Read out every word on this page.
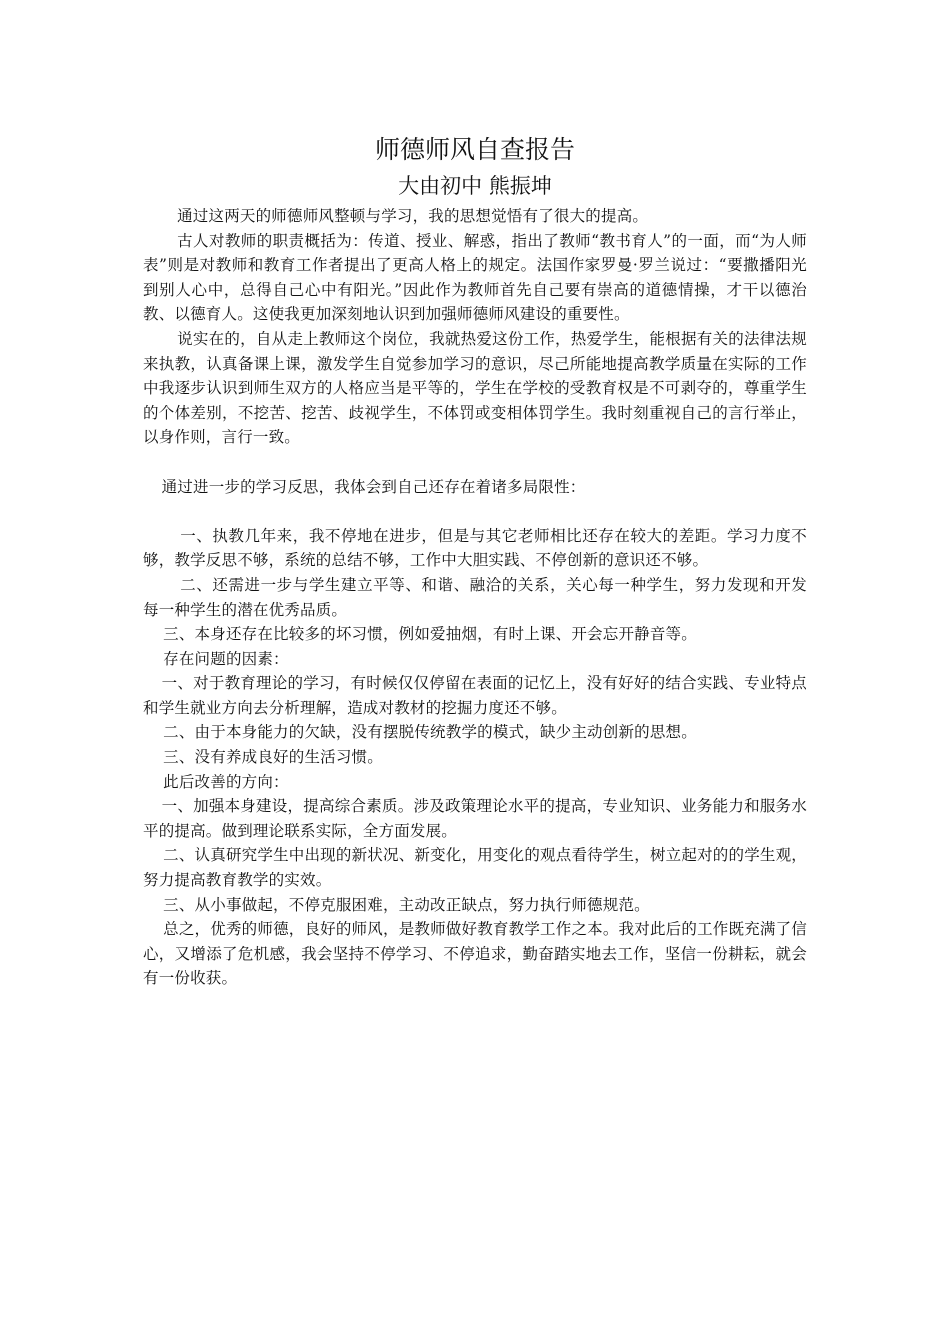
师德师风自查报告
大由初中 熊振坤

通过这两天的师德师风整顿与学习，我的思想觉悟有了很大的提高。

古人对教师的职责概括为：传道、授业、解惑，指出了教师“教书育人”的一面，而“为人师表”则是对教师和教育工作者提出了更高人格上的规定。法国作家罗曼·罗兰说过：“要撒播阳光到别人心中，总得自己心中有阳光。”因此作为教师首先自己要有崇高的道德情操，才干以德治教、以德育人。这使我更加深刻地认识到加强师德师风建设的重要性。

说实在的，自从走上教师这个岗位，我就热爱这份工作，热爱学生，能根据有关的法律法规来执教，认真备课上课，激发学生自觉参加学习的意识，尽己所能地提高教学质量在实际的工作中我逐步认识到师生双方的人格应当是平等的，学生在学校的受教育权是不可剥夺的，尊重学生的个体差别，不挖苦、挖苦、歧视学生，不体罚或变相体罚学生。我时刻重视自己的言行举止，以身作则，言行一致。

通过进一步的学习反思，我体会到自己还存在着诸多局限性：

一、执教几年来，我不停地在进步，但是与其它老师相比还存在较大的差距。学习力度不够，教学反思不够，系统的总结不够，工作中大胆实践、不停创新的意识还不够。

二、还需进一步与学生建立平等、和谐、融洽的关系，关心每一种学生，努力发现和开发每一种学生的潜在优秀品质。

三、本身还存在比较多的坏习惯，例如爱抽烟，有时上课、开会忘开静音等。

存在问题的因素：

一、对于教育理论的学习，有时候仅仅停留在表面的记忆上，没有好好的结合实践、专业特点和学生就业方向去分析理解，造成对教材的挖掘力度还不够。

二、由于本身能力的欠缺，没有摆脱传统教学的模式，缺少主动创新的思想。

三、没有养成良好的生活习惯。

此后改善的方向：

一、加强本身建设，提高综合素质。涉及政策理论水平的提高，专业知识、业务能力和服务水平的提高。做到理论联系实际，全方面发展。

二、认真研究学生中出现的新状况、新变化，用变化的观点看待学生，树立起对的的学生观，努力提高教育教学的实效。

三、从小事做起，不停克服困难，主动改正缺点，努力执行师德规范。

总之，优秀的师德，良好的师风，是教师做好教育教学工作之本。我对此后的工作既充满了信心，又增添了危机感，我会坚持不停学习、不停追求，勤奋踏实地去工作，坚信一份耕耘，就会有一份收获。
